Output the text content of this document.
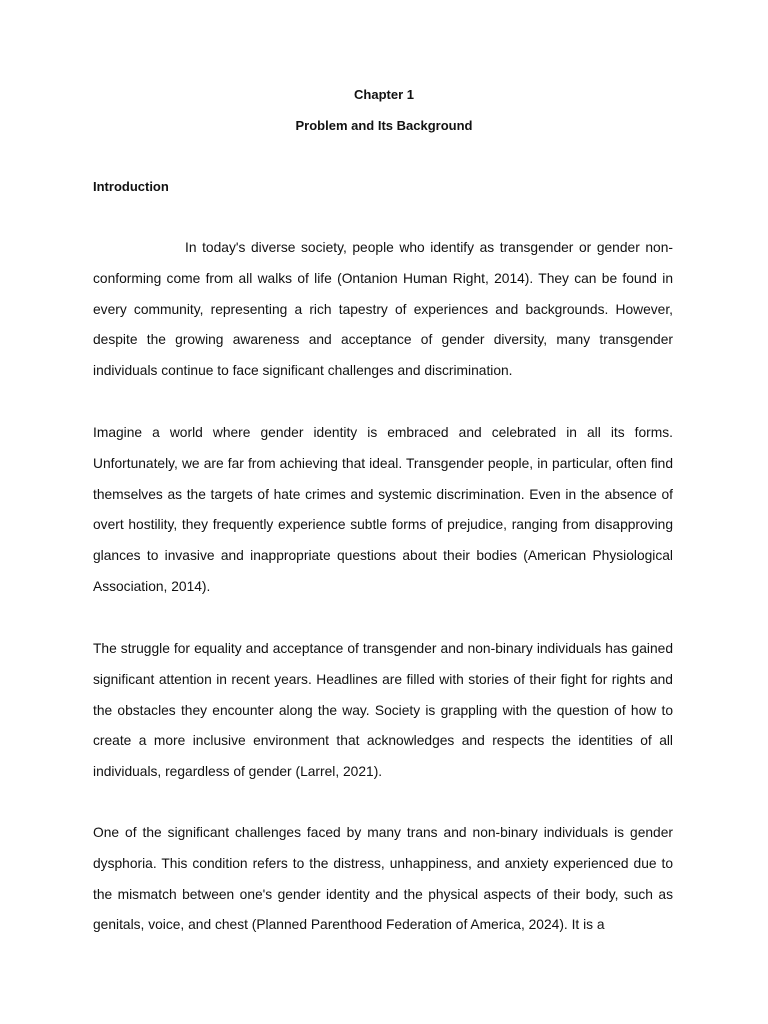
Chapter 1
Problem and Its Background
Introduction

In today's diverse society, people who identify as transgender or gender non-conforming come from all walks of life (Ontanion Human Right, 2014). They can be found in every community, representing a rich tapestry of experiences and backgrounds. However, despite the growing awareness and acceptance of gender diversity, many transgender individuals continue to face significant challenges and discrimination.

Imagine a world where gender identity is embraced and celebrated in all its forms. Unfortunately, we are far from achieving that ideal. Transgender people, in particular, often find themselves as the targets of hate crimes and systemic discrimination. Even in the absence of overt hostility, they frequently experience subtle forms of prejudice, ranging from disapproving glances to invasive and inappropriate questions about their bodies (American Physiological Association, 2014).

The struggle for equality and acceptance of transgender and non-binary individuals has gained significant attention in recent years. Headlines are filled with stories of their fight for rights and the obstacles they encounter along the way. Society is grappling with the question of how to create a more inclusive environment that acknowledges and respects the identities of all individuals, regardless of gender (Larrel, 2021).

One of the significant challenges faced by many trans and non-binary individuals is gender dysphoria. This condition refers to the distress, unhappiness, and anxiety experienced due to the mismatch between one's gender identity and the physical aspects of their body, such as genitals, voice, and chest (Planned Parenthood Federation of America, 2024). It is a
